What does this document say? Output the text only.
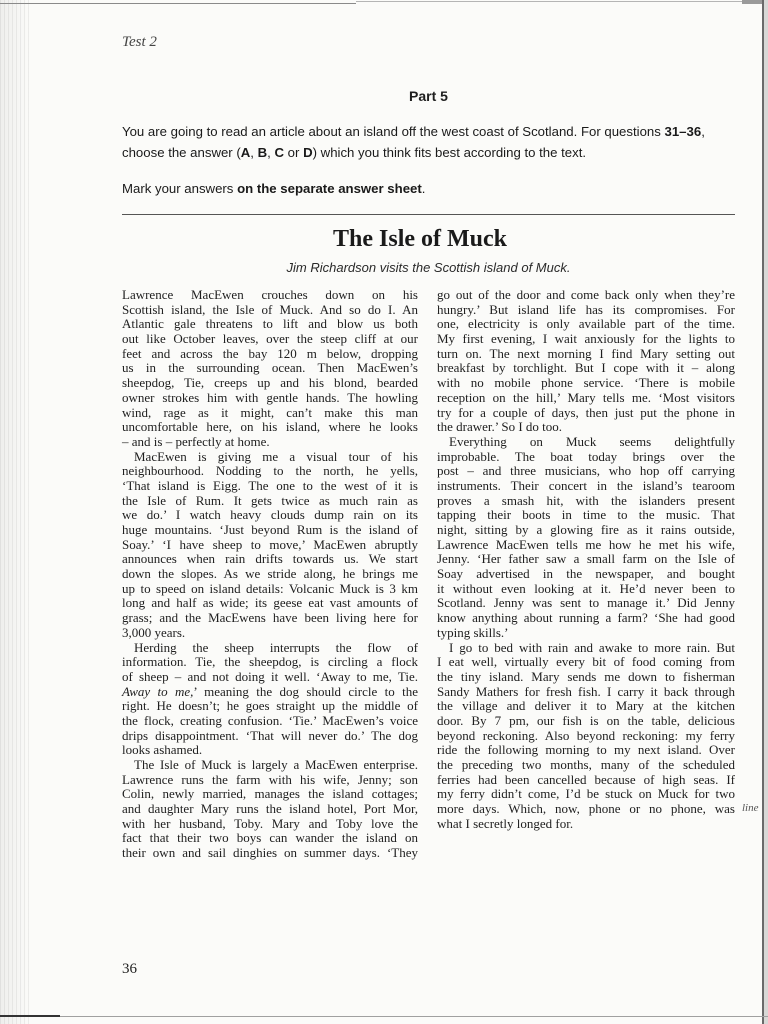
Test 2
Part 5
You are going to read an article about an island off the west coast of Scotland. For questions 31–36,
choose the answer (A, B, C or D) which you think fits best according to the text.
Mark your answers on the separate answer sheet.
The Isle of Muck
Jim Richardson visits the Scottish island of Muck.
Lawrence MacEwen crouches down on his
Scottish island, the Isle of Muck. And so do I. An
Atlantic gale threatens to lift and blow us both
out like October leaves, over the steep cliff at our
feet and across the bay 120 m below, dropping
us in the surrounding ocean. Then MacEwen’s
sheepdog, Tie, creeps up and his blond, bearded
owner strokes him with gentle hands. The howling
wind, rage as it might, can’t make this man
uncomfortable here, on his island, where he looks
– and is – perfectly at home.
MacEwen is giving me a visual tour of his
neighbourhood. Nodding to the north, he yells,
‘That island is Eigg. The one to the west of it is
the Isle of Rum. It gets twice as much rain as
we do.’ I watch heavy clouds dump rain on its
huge mountains. ‘Just beyond Rum is the island of
Soay.’ ‘I have sheep to move,’ MacEwen abruptly
announces when rain drifts towards us. We start
down the slopes. As we stride along, he brings me
up to speed on island details: Volcanic Muck is 3 km
long and half as wide; its geese eat vast amounts of
grass; and the MacEwens have been living here for
3,000 years.
Herding the sheep interrupts the flow of
information. Tie, the sheepdog, is circling a flock
of sheep – and not doing it well. ‘Away to me, Tie.
Away to me,’ meaning the dog should circle to the
right. He doesn’t; he goes straight up the middle of
the flock, creating confusion. ‘Tie.’ MacEwen’s voice
drips disappointment. ‘That will never do.’ The dog
looks ashamed.
The Isle of Muck is largely a MacEwen enterprise.
Lawrence runs the farm with his wife, Jenny; son
Colin, newly married, manages the island cottages;
and daughter Mary runs the island hotel, Port Mor,
with her husband, Toby. Mary and Toby love the
fact that their two boys can wander the island on
their own and sail dinghies on summer days. ‘They
go out of the door and come back only when they’re
hungry.’ But island life has its compromises. For
one, electricity is only available part of the time.
My first evening, I wait anxiously for the lights to
turn on. The next morning I find Mary setting out
breakfast by torchlight. But I cope with it – along
with no mobile phone service. ‘There is mobile
reception on the hill,’ Mary tells me. ‘Most visitors
try for a couple of days, then just put the phone in
the drawer.’ So I do too.
Everything on Muck seems delightfully
improbable. The boat today brings over the
post – and three musicians, who hop off carrying
instruments. Their concert in the island’s tearoom
proves a smash hit, with the islanders present
tapping their boots in time to the music. That
night, sitting by a glowing fire as it rains outside,
Lawrence MacEwen tells me how he met his wife,
Jenny. ‘Her father saw a small farm on the Isle of
Soay advertised in the newspaper, and bought
it without even looking at it. He’d never been to
Scotland. Jenny was sent to manage it.’ Did Jenny
know anything about running a farm? ‘She had good
typing skills.’
I go to bed with rain and awake to more rain. But
I eat well, virtually every bit of food coming from
the tiny island. Mary sends me down to fisherman
Sandy Mathers for fresh fish. I carry it back through
the village and deliver it to Mary at the kitchen
door. By 7 pm, our fish is on the table, delicious
beyond reckoning. Also beyond reckoning: my ferry
ride the following morning to my next island. Over
the preceding two months, many of the scheduled
ferries had been cancelled because of high seas. If
my ferry didn’t come, I’d be stuck on Muck for two
more days. Which, now, phone or no phone, was
what I secretly longed for.
line
36
